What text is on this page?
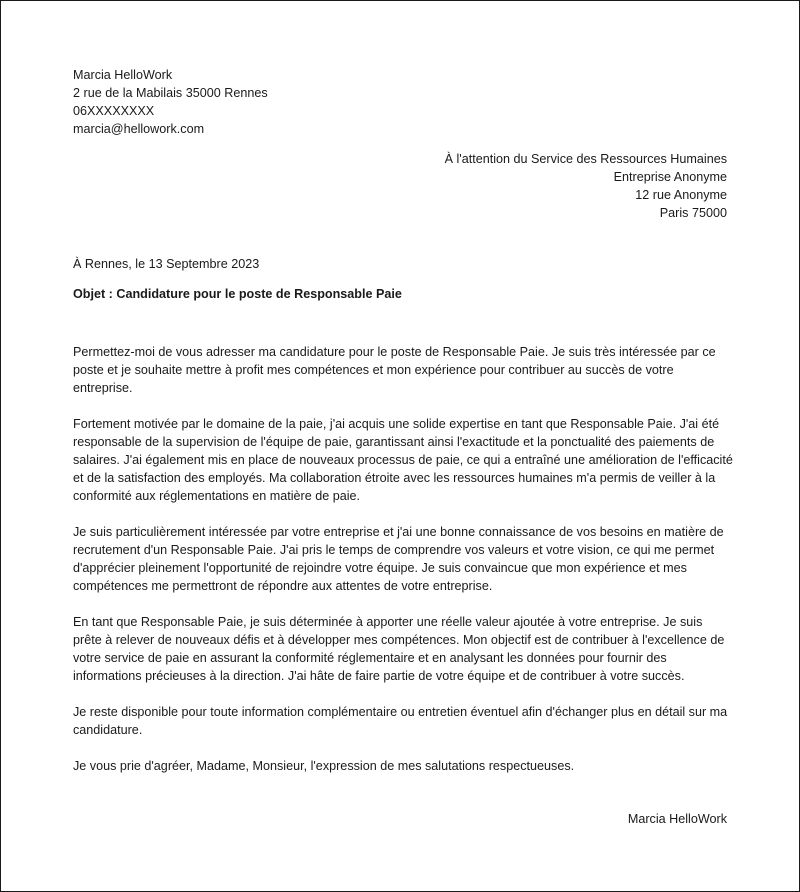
Marcia HelloWork
2 rue de la Mabilais 35000 Rennes
06XXXXXXXX
marcia@hellowork.com
À l'attention du Service des Ressources Humaines
Entreprise Anonyme
12 rue Anonyme
Paris 75000
À Rennes, le 13 Septembre 2023
Objet : Candidature pour le poste de Responsable Paie

Permettez-moi de vous adresser ma candidature pour le poste de Responsable Paie. Je suis très intéressée par ce poste et je souhaite mettre à profit mes compétences et mon expérience pour contribuer au succès de votre entreprise.

Fortement motivée par le domaine de la paie, j'ai acquis une solide expertise en tant que Responsable Paie. J'ai été responsable de la supervision de l'équipe de paie, garantissant ainsi l'exactitude et la ponctualité des paiements de salaires. J'ai également mis en place de nouveaux processus de paie, ce qui a entraîné une amélioration de l'efficacité et de la satisfaction des employés. Ma collaboration étroite avec les ressources humaines m'a permis de veiller à la conformité aux réglementations en matière de paie.

Je suis particulièrement intéressée par votre entreprise et j'ai une bonne connaissance de vos besoins en matière de recrutement d'un Responsable Paie. J'ai pris le temps de comprendre vos valeurs et votre vision, ce qui me permet d'apprécier pleinement l'opportunité de rejoindre votre équipe. Je suis convaincue que mon expérience et mes compétences me permettront de répondre aux attentes de votre entreprise.

En tant que Responsable Paie, je suis déterminée à apporter une réelle valeur ajoutée à votre entreprise. Je suis prête à relever de nouveaux défis et à développer mes compétences. Mon objectif est de contribuer à l'excellence de votre service de paie en assurant la conformité réglementaire et en analysant les données pour fournir des informations précieuses à la direction. J'ai hâte de faire partie de votre équipe et de contribuer à votre succès.

Je reste disponible pour toute information complémentaire ou entretien éventuel afin d'échanger plus en détail sur ma candidature.

Je vous prie d'agréer, Madame, Monsieur, l'expression de mes salutations respectueuses.

Marcia HelloWork
